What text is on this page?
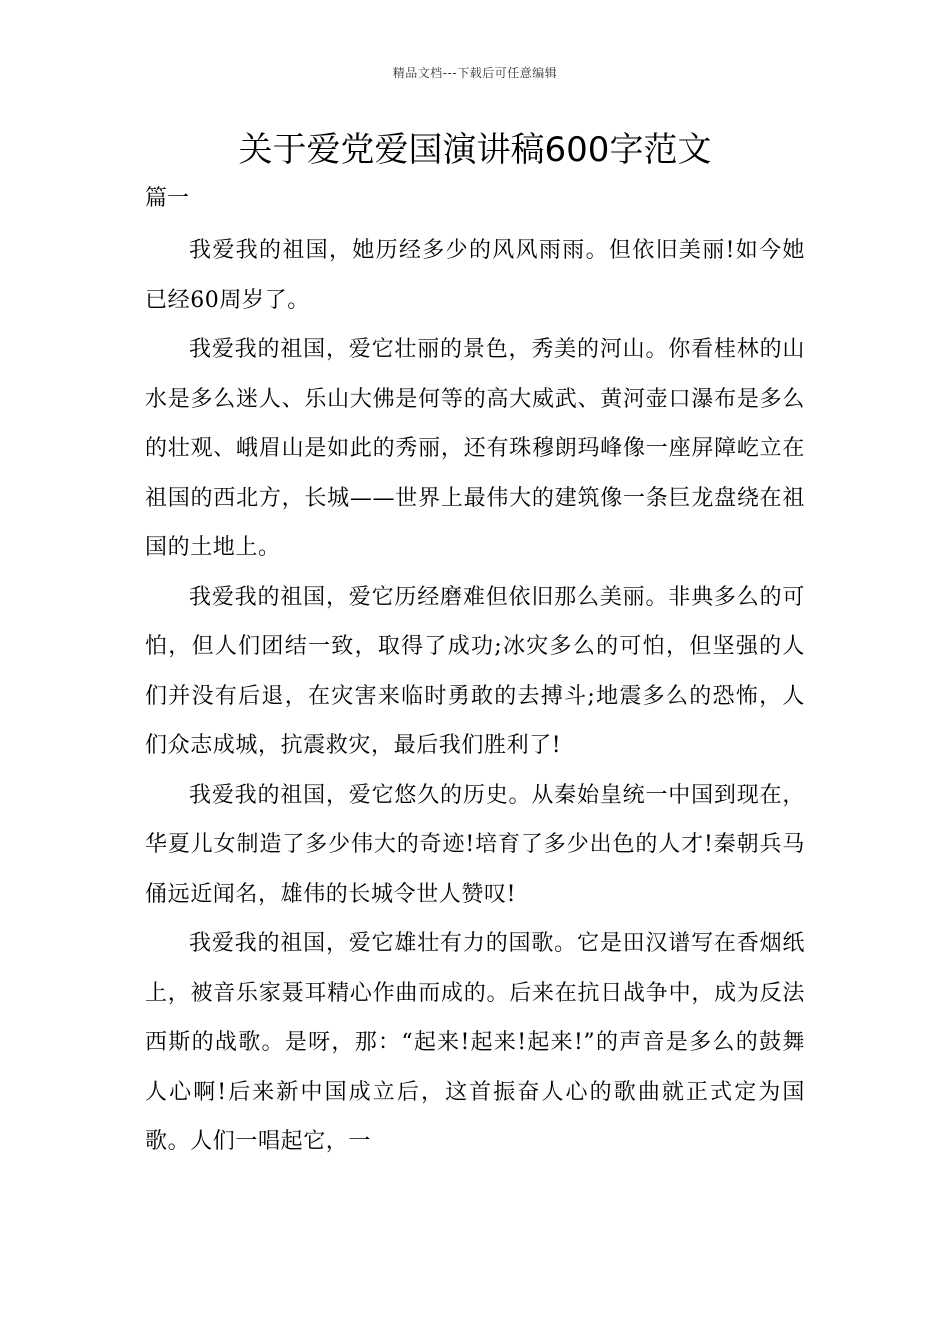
精品文档---下载后可任意编辑
关于爱党爱国演讲稿600字范文
篇一

我爱我的祖国，她历经多少的风风雨雨。但依旧美丽!如今她已经60周岁了。

我爱我的祖国，爱它壮丽的景色，秀美的河山。你看桂林的山水是多么迷人、乐山大佛是何等的高大威武、黄河壶口瀑布是多么的壮观、峨眉山是如此的秀丽，还有珠穆朗玛峰像一座屏障屹立在祖国的西北方，长城——世界上最伟大的建筑像一条巨龙盘绕在祖国的土地上。

我爱我的祖国，爱它历经磨难但依旧那么美丽。非典多么的可怕，但人们团结一致，取得了成功;冰灾多么的可怕，但坚强的人们并没有后退，在灾害来临时勇敢的去搏斗;地震多么的恐怖，人们众志成城，抗震救灾，最后我们胜利了!

我爱我的祖国，爱它悠久的历史。从秦始皇统一中国到现在，华夏儿女制造了多少伟大的奇迹!培育了多少出色的人才!秦朝兵马俑远近闻名，雄伟的长城令世人赞叹!

我爱我的祖国，爱它雄壮有力的国歌。它是田汉谱写在香烟纸上，被音乐家聂耳精心作曲而成的。后来在抗日战争中，成为反法西斯的战歌。是呀，那：“起来!起来!起来!”的声音是多么的鼓舞人心啊!后来新中国成立后，这首振奋人心的歌曲就正式定为国歌。人们一唱起它，一
